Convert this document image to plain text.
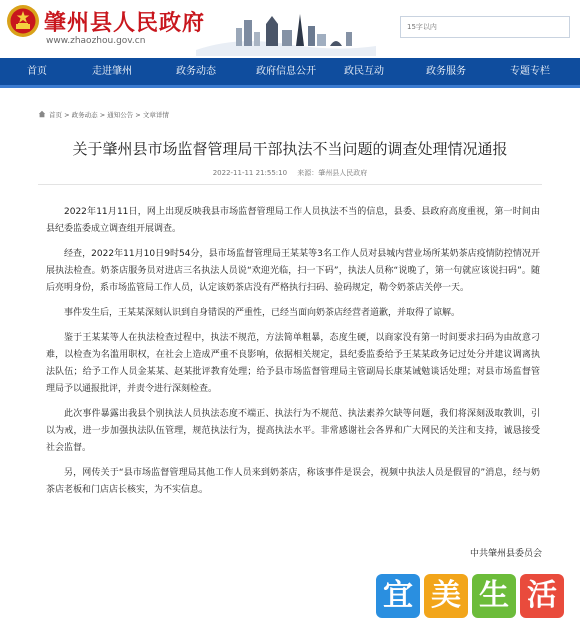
肇州县人民政府
www.zhaozhou.gov.cn
15字以内
首页	走进肇州	政务动态	政府信息公开	政民互动	政务服务	专题专栏
首页 > 政务动态 > 通知公告 > 文章详情
关于肇州县市场监督管理局干部执法不当问题的调查处理情况通报
2022-11-11 21:55:10 来源：肇州县人民政府

2022年11月11日，网上出现反映我县市场监督管理局工作人员执法不当的信息，县委、县政府高度重视，第一时间由县纪委监委成立调查组开展调查。

经查，2022年11月10日9时54分，县市场监督管理局王某某等3名工作人员对县城内营业场所某奶茶店疫情防控情况开展执法检查。奶茶店服务员对进店三名执法人员说“欢迎光临，扫一下码”，执法人员称“说晚了，第一句就应该说扫码”。随后亮明身份，系市场监管局工作人员，认定该奶茶店没有严格执行扫码、验码规定，勒令奶茶店关停一天。

事件发生后，王某某深刻认识到自身错误的严重性，已经当面向奶茶店经营者道歉，并取得了谅解。

鉴于王某某等人在执法检查过程中，执法不规范，方法简单粗暴，态度生硬，以商家没有第一时间要求扫码为由故意刁难，以检查为名滥用职权，在社会上造成严重不良影响，依据相关规定，县纪委监委给予王某某政务记过处分并建议调离执法队伍；给予工作人员金某某、赵某批评教育处理；给予县市场监督管理局主管副局长康某诫勉谈话处理；对县市场监督管理局予以通报批评，并责令进行深刻检查。

此次事件暴露出我县个别执法人员执法态度不端正、执法行为不规范、执法素养欠缺等问题，我们将深刻汲取教训，引以为戒，进一步加强执法队伍管理，规范执法行为，提高执法水平。非常感谢社会各界和广大网民的关注和支持，诚恳接受社会监督。

另，网传关于“县市场监督管理局其他工作人员来到奶茶店，称该事件是误会，视频中执法人员是假冒的”消息，经与奶茶店老板和门店店长核实，为不实信息。

中共肇州县委员会
宜 美 生 活
